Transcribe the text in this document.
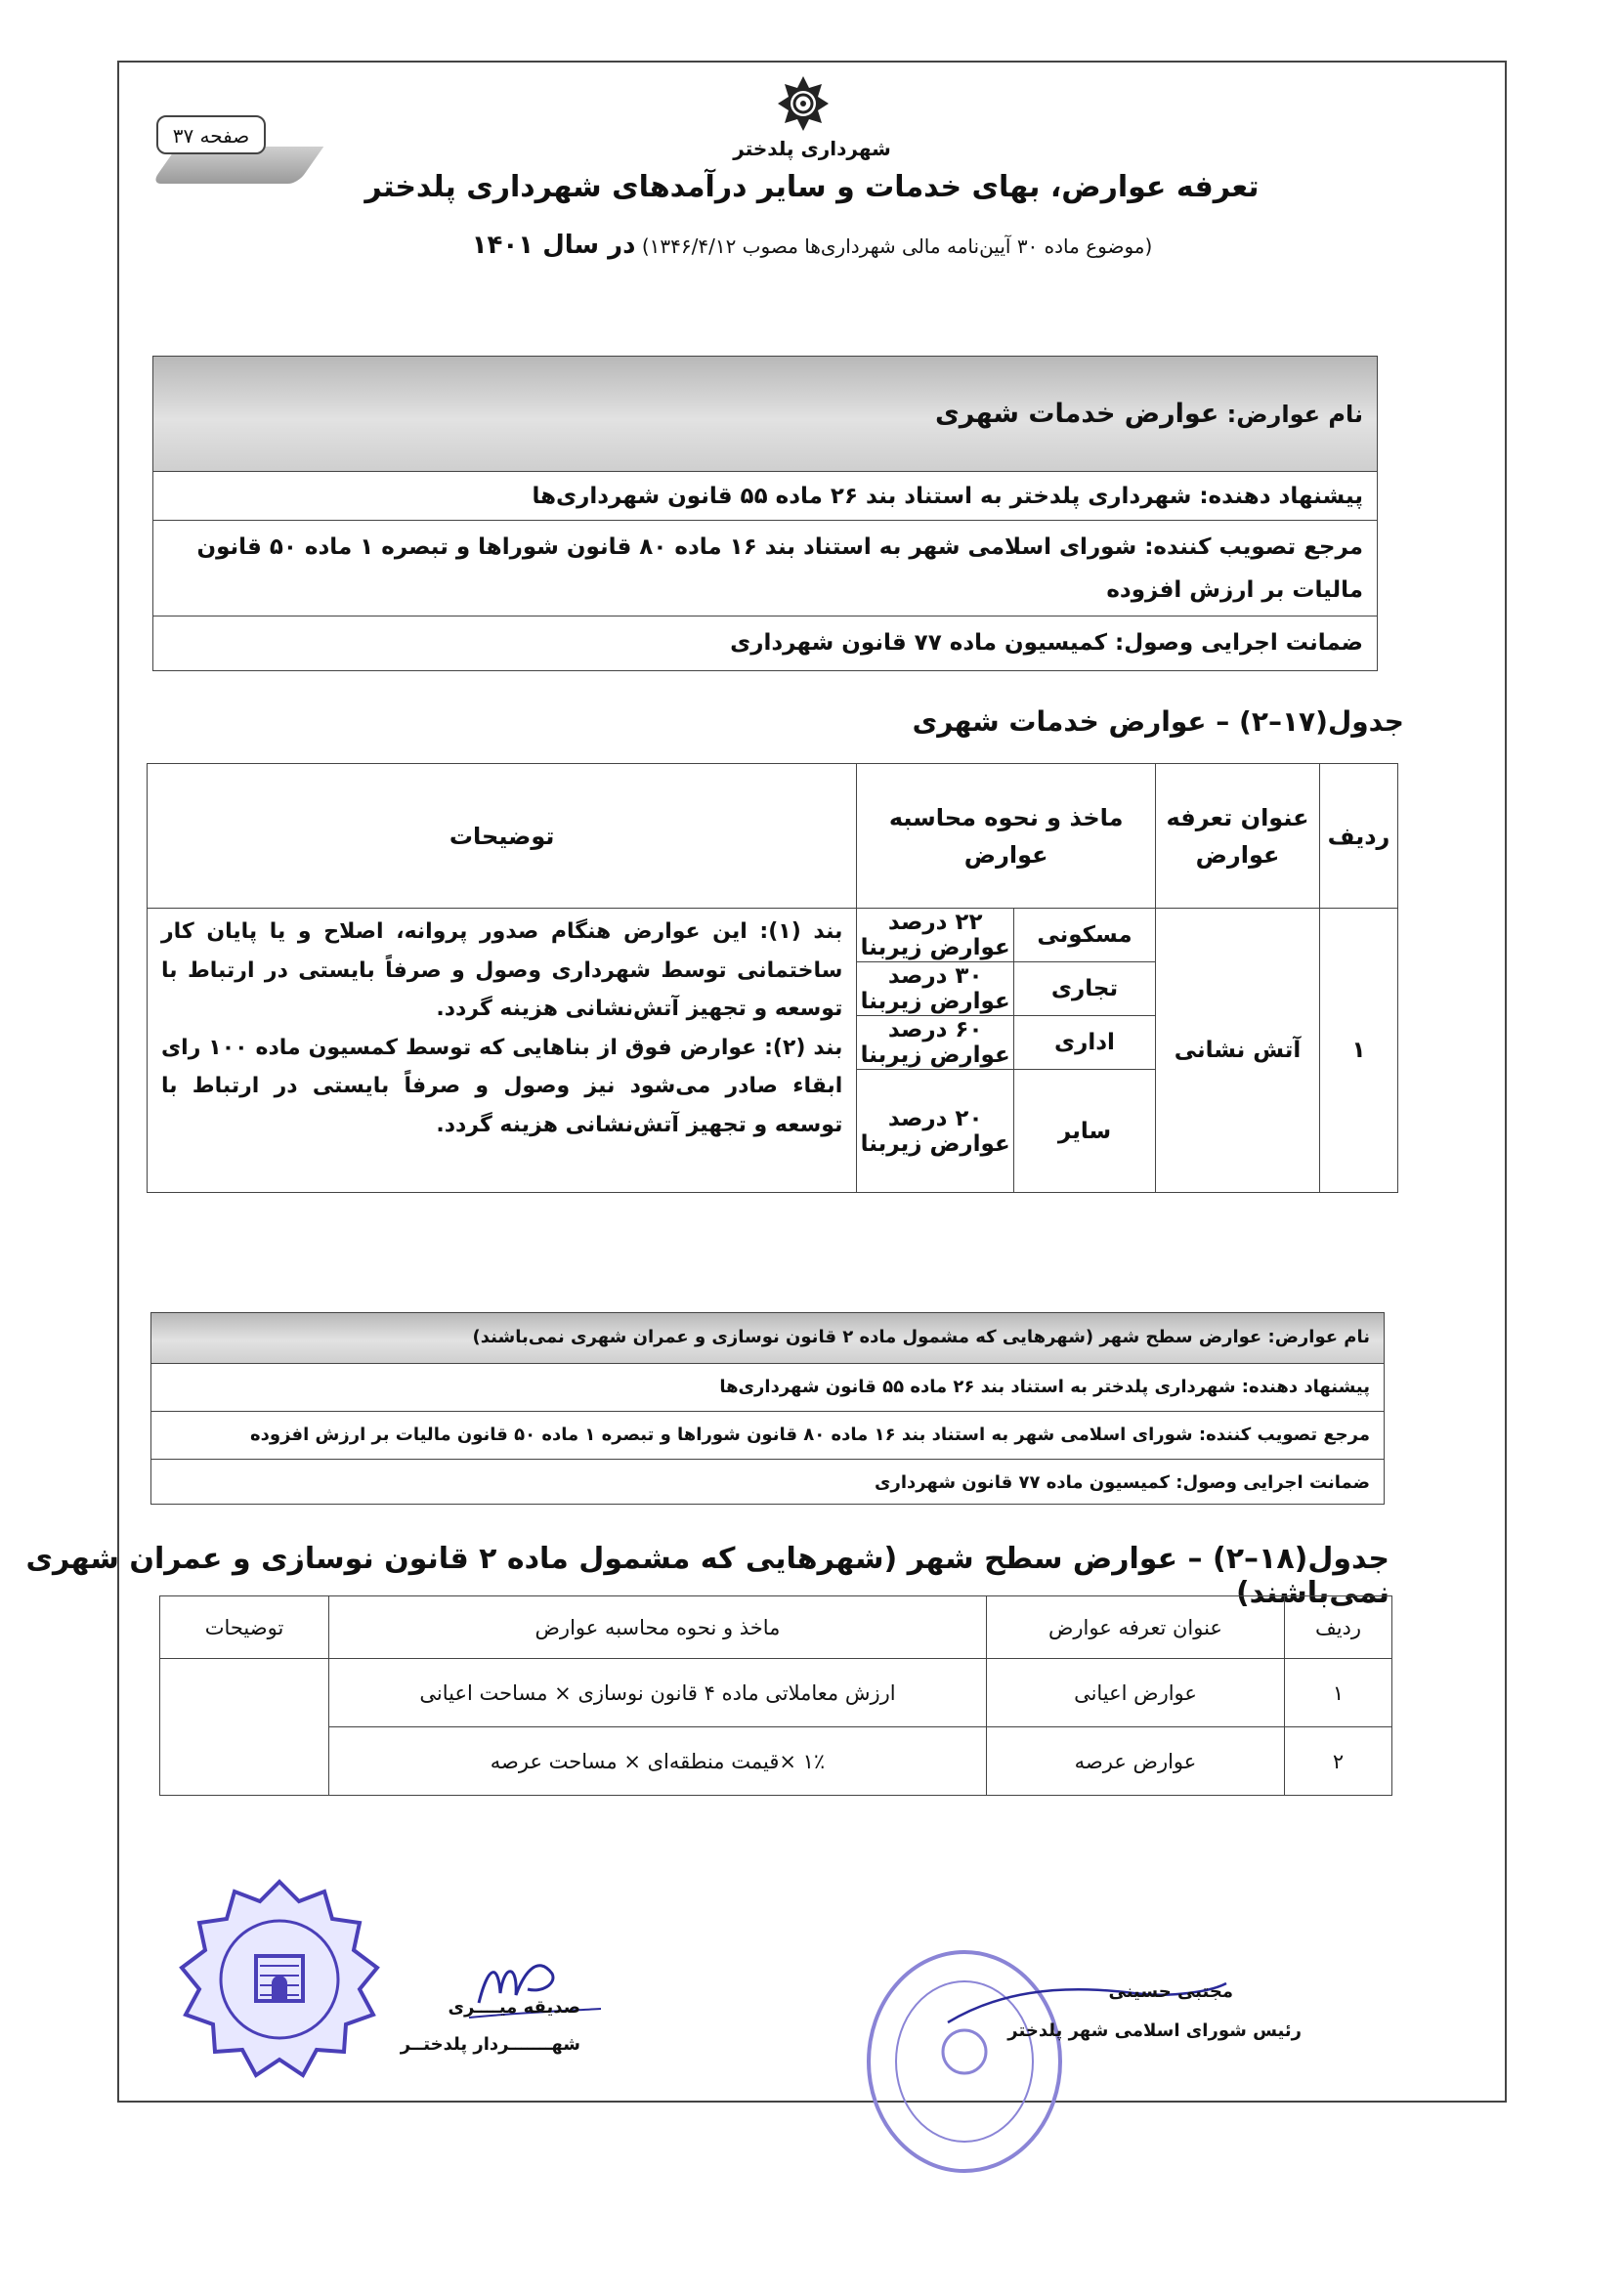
صفحه ۳۷
شهرداری پلدختر
تعرفه عوارض، بهای خدمات و سایر درآمدهای شهرداری پلدختر
(موضوع ماده ۳۰ آیین‌نامه مالی شهرداری‌ها مصوب ۱۳۴۶/۴/۱۲) در سال ۱۴۰۱
نام عوارض: عوارض خدمات شهری
پیشنهاد دهنده: شهرداری پلدختر به استناد بند ۲۶ ماده ۵۵ قانون شهرداری‌ها
مرجع تصویب کننده: شورای اسلامی شهر به استناد بند ۱۶ ماده ۸۰ قانون شوراها و تبصره ۱ ماده ۵۰ قانون مالیات بر ارزش افزوده
ضمانت اجرایی وصول: کمیسیون ماده ۷۷ قانون شهرداری
جدول(۱۷–۲) – عوارض خدمات شهری
ردیف	عنوان تعرفه عوارض	ماخذ و نحوه محاسبه عوارض		توضیحات
۱	آتش نشانی	مسکونی	۲۲ درصد عوارض زیربنا	بند (۱): این عوارض هنگام صدور پروانه، اصلاح و یا پایان کار ساختمانی توسط شهرداری وصول و صرفاً بایستی در ارتباط با توسعه و تجهیز آتش‌نشانی هزینه گردد.
بند (۲): عوارض فوق از بناهایی که توسط کمسیون ماده ۱۰۰ رای ابقاء صادر می‌شود نیز وصول و صرفاً بایستی در ارتباط با توسعه و تجهیز آتش‌نشانی هزینه گردد.

		تجاری	۳۰ درصد عوارض زیربنا	
		اداری	۶۰ درصد عوارض زیربنا	
		سایر	۲۰ درصد عوارض زیربنا	
نام عوارض: عوارض سطح شهر (شهرهایی که مشمول ماده ۲ قانون نوسازی و عمران شهری نمی‌باشند)
پیشنهاد دهنده: شهرداری پلدختر به استناد بند ۲۶ ماده ۵۵ قانون شهرداری‌ها
مرجع تصویب کننده: شورای اسلامی شهر به استناد بند ۱۶ ماده ۸۰ قانون شوراها و تبصره ۱ ماده ۵۰ قانون مالیات بر ارزش افزوده
ضمانت اجرایی وصول: کمیسیون ماده ۷۷ قانون شهرداری
جدول(۱۸–۲) – عوارض سطح شهر (شهرهایی که مشمول ماده ۲ قانون نوسازی و عمران شهری نمی‌باشند)
ردیف	عنوان تعرفه عوارض	ماخذ و نحوه محاسبه عوارض	توضیحات
۱	عوارض اعیانی	ارزش معاملاتی ماده ۴ قانون نوسازی × مساحت اعیانی	
۲	عوارض عرصه	۱٪ ×قیمت منطقه‌ای × مساحت عرصه	
صدیقه میــــری
شهـــــــردار پلدختــر
مجتبی حسینی
رئیس شورای اسلامی شهر پلدختر
